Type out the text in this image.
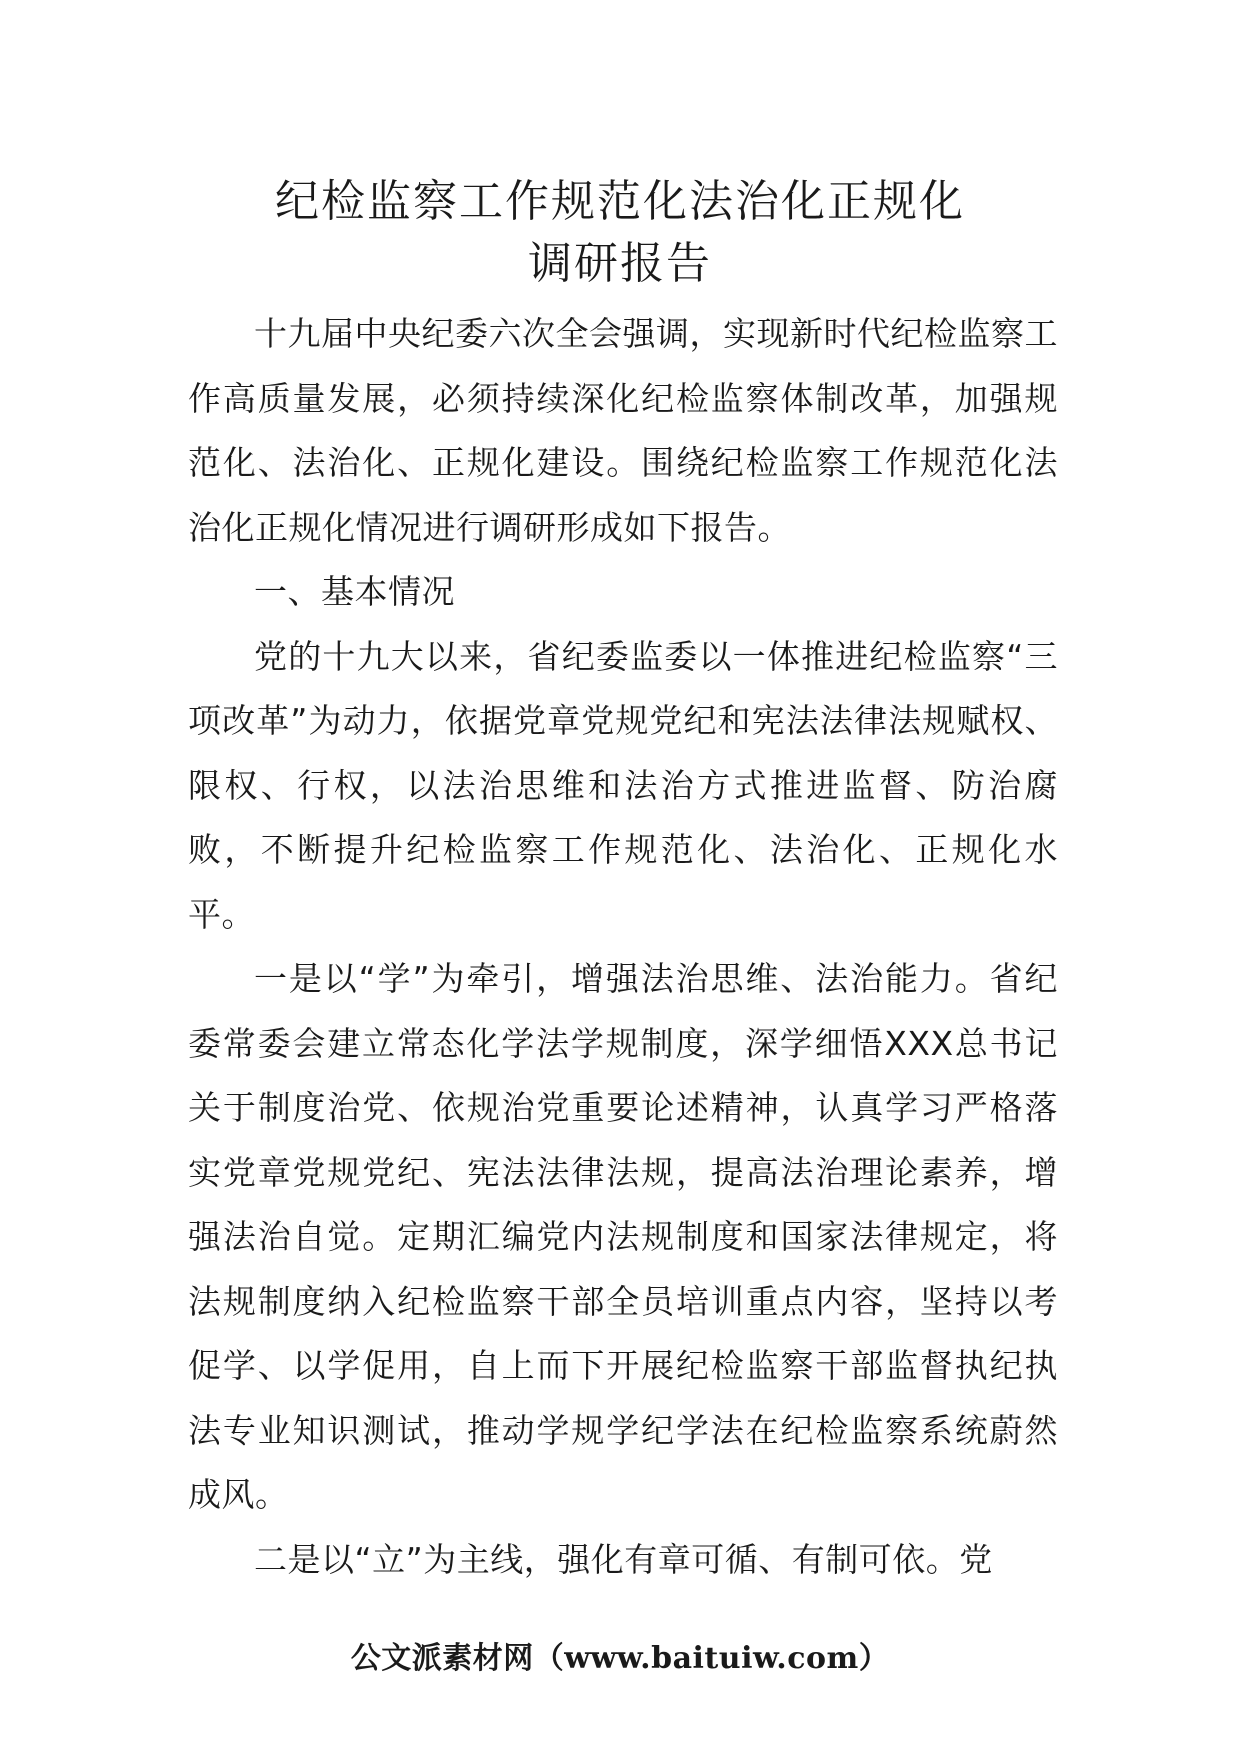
纪检监察工作规范化法治化正规化
调研报告

十九届中央纪委六次全会强调，实现新时代纪检监察工作高质量发展，必须持续深化纪检监察体制改革，加强规范化、法治化、正规化建设。围绕纪检监察工作规范化法治化正规化情况进行调研形成如下报告。

一、基本情况

党的十九大以来，省纪委监委以一体推进纪检监察“三项改革”为动力，依据党章党规党纪和宪法法律法规赋权、限权、行权，以法治思维和法治方式推进监督、防治腐败，不断提升纪检监察工作规范化、法治化、正规化水平。

一是以“学”为牵引，增强法治思维、法治能力。省纪委常委会建立常态化学法学规制度，深学细悟XXX总书记关于制度治党、依规治党重要论述精神，认真学习严格落实党章党规党纪、宪法法律法规，提高法治理论素养，增强法治自觉。定期汇编党内法规制度和国家法律规定，将法规制度纳入纪检监察干部全员培训重点内容，坚持以考促学、以学促用，自上而下开展纪检监察干部监督执纪执法专业知识测试，推动学规学纪学法在纪检监察系统蔚然成风。

二是以“立”为主线，强化有章可循、有制可依。党

公文派素材网（www.baituiw.com）
